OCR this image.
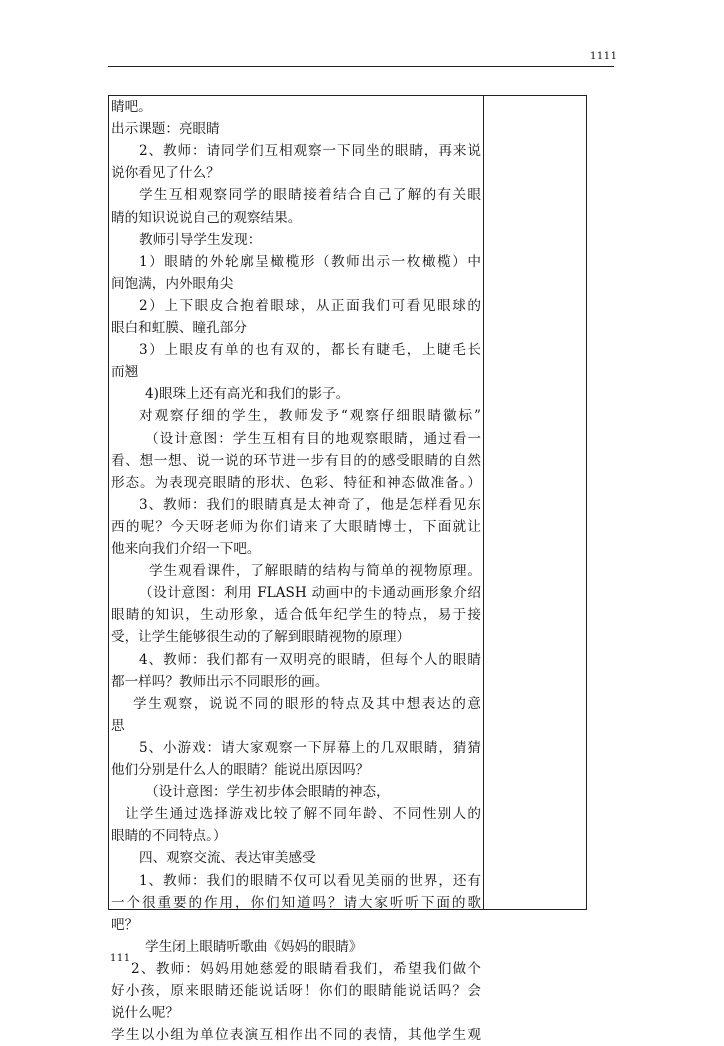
1111
睛吧。
出示课题：亮眼睛
2、教师：请同学们互相观察一下同坐的眼睛，再来说
说你看见了什么？
学生互相观察同学的眼睛接着结合自己了解的有关眼
睛的知识说说自己的观察结果。
教师引导学生发现：
1）眼睛的外轮廓呈橄榄形（教师出示一枚橄榄）中
间饱满，内外眼角尖
2）上下眼皮合抱着眼球，从正面我们可看见眼球的
眼白和虹膜、瞳孔部分
3）上眼皮有单的也有双的，都长有睫毛，上睫毛长
而翘
4)眼珠上还有高光和我们的影子。
对观察仔细的学生，教师发予“观察仔细眼睛徽标”
（设计意图：学生互相有目的地观察眼睛，通过看一
看、想一想、说一说的环节进一步有目的的感受眼睛的自然
形态。为表现亮眼睛的形状、色彩、特征和神态做准备。）
3、教师：我们的眼睛真是太神奇了，他是怎样看见东
西的呢？今天呀老师为你们请来了大眼睛博士，下面就让
他来向我们介绍一下吧。
学生观看课件，了解眼睛的结构与简单的视物原理。
（设计意图：利用 FLASH 动画中的卡通动画形象介绍
眼睛的知识，生动形象，适合低年纪学生的特点，易于接
受，让学生能够很生动的了解到眼睛视物的原理）
4、教师：我们都有一双明亮的眼睛，但每个人的眼睛
都一样吗？教师出示不同眼形的画。
学生观察，说说不同的眼形的特点及其中想表达的意
思
5、小游戏：请大家观察一下屏幕上的几双眼睛，猜猜
他们分别是什么人的眼睛？能说出原因吗？
（设计意图：学生初步体会眼睛的神态，
让学生通过选择游戏比较了解不同年龄、不同性别人的
眼睛的不同特点。）
四、观察交流、表达审美感受
1、教师：我们的眼睛不仅可以看见美丽的世界，还有
一个很重要的作用，你们知道吗？请大家听听下面的歌
吧？
学生闭上眼睛听歌曲《妈妈的眼睛》
2、教师：妈妈用她慈爱的眼睛看我们，希望我们做个
好小孩，原来眼睛还能说话呀！你们的眼睛能说话吗？会
说什么呢？
学生以小组为单位表演互相作出不同的表情，其他学生观
111
